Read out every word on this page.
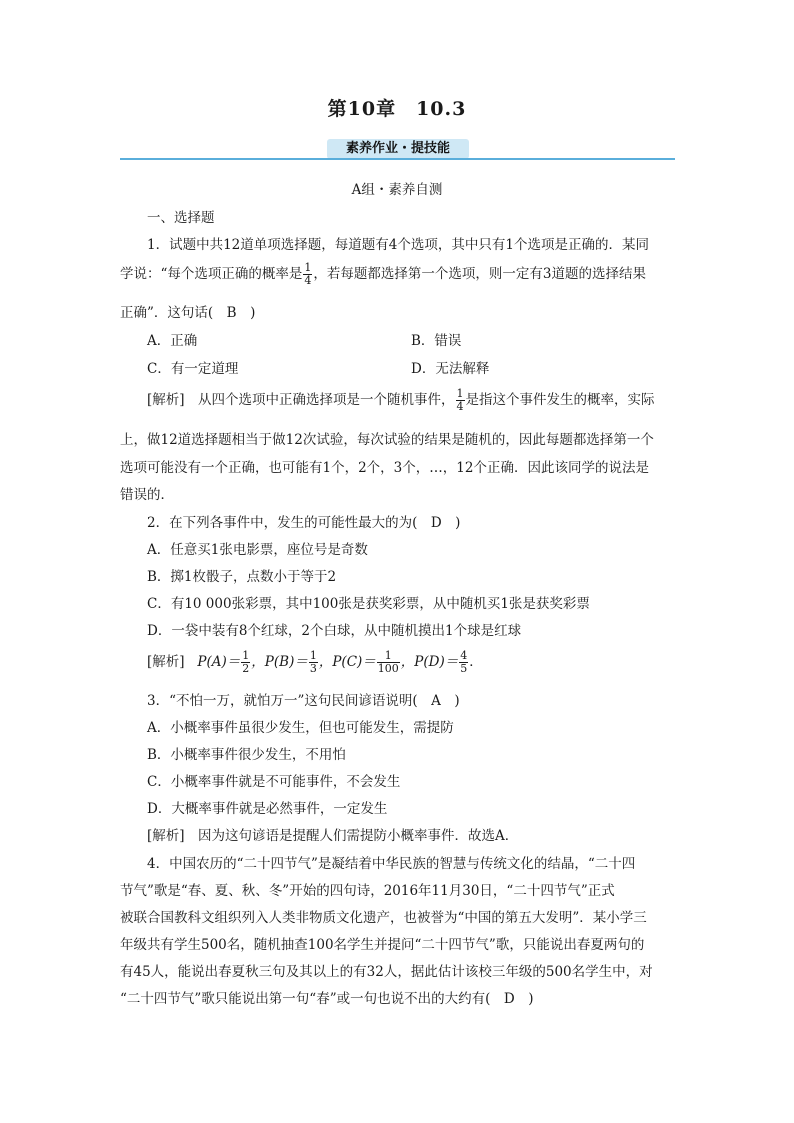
第10章　10.3
素养作业・提技能
A组・素养自测
一、选择题
1．试题中共12道单项选择题，每道题有4个选项，其中只有1个选项是正确的．某同
学说：“每个选项正确的概率是 $\frac{1}{4}$ ，若每题都选择第一个选项，则一定有3道题的选择结果
正确”．这句话(　B　)
A．正确	B．错误
C．有一定道理	D．无法解释
[解析]　从四个选项中正确选择项是一个随机事件， $\frac{1}{4}$ 是指这个事件发生的概率，实际
上，做12道选择题相当于做12次试验，每次试验的结果是随机的，因此每题都选择第一个
选项可能没有一个正确，也可能有1个，2个，3个，…，12个正确．因此该同学的说法是
错误的．
2．在下列各事件中，发生的可能性最大的为(　D　)
A．任意买1张电影票，座位号是奇数
B．掷1枚骰子，点数小于等于2
C．有10 000张彩票，其中100张是获奖彩票，从中随机买1张是获奖彩票
D．一袋中装有8个红球，2个白球，从中随机摸出1个球是红球
[解析] $P(A)= \frac{1}{2}$ ，$P(B)= \frac{1}{3}$ ，$P(C)= \frac{1}{100}$ ，$P(D)= \frac{4}{5}$ ．
3．“不怕一万，就怕万一”这句民间谚语说明(　A　)
A．小概率事件虽很少发生，但也可能发生，需提防
B．小概率事件很少发生，不用怕
C．小概率事件就是不可能事件，不会发生
D．大概率事件就是必然事件，一定发生
[解析]　因为这句谚语是提醒人们需提防小概率事件．故选A．
4．中国农历的“二十四节气”是凝结着中华民族的智慧与传统文化的结晶，“二十四
节气”歌是“春、夏、秋、冬”开始的四句诗，2016年11月30日，“二十四节气”正式
被联合国教科文组织列入人类非物质文化遗产，也被誉为“中国的第五大发明”．某小学三
年级共有学生500名，随机抽查100名学生并提问“二十四节气”歌，只能说出春夏两句的
有45人，能说出春夏秋三句及其以上的有32人，据此估计该校三年级的500名学生中，对
“二十四节气”歌只能说出第一句“春”或一句也说不出的大约有(　D　)
